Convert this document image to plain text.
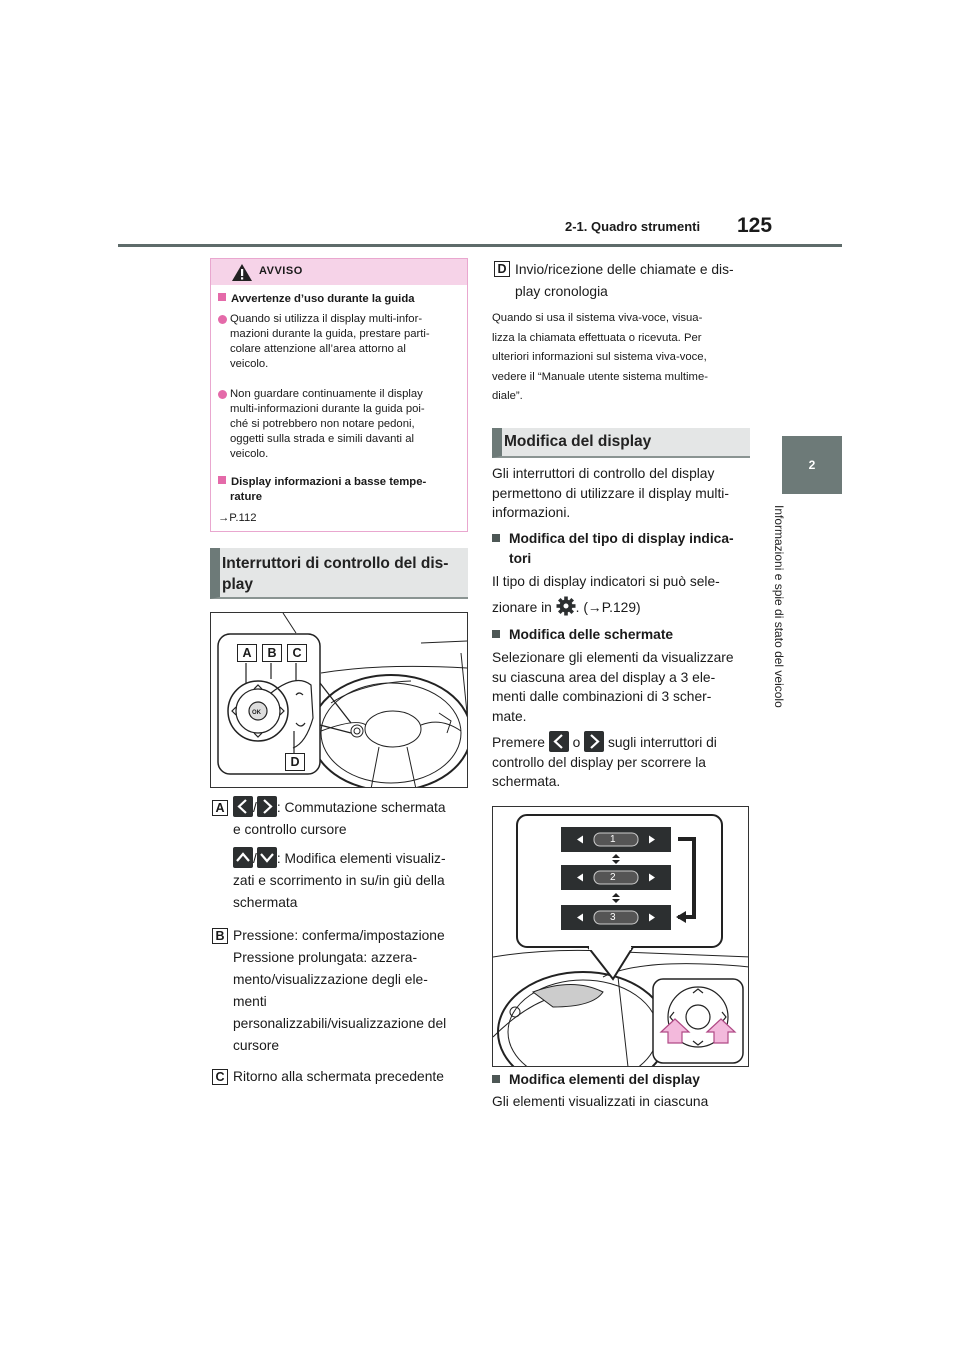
2-1. Quadro strumenti 125
2
Informazioni e spie di stato del veicolo
AVVISO
Avvertenze d’uso durante la guida
Quando si utilizza il display multi-infor-
mazioni durante la guida, prestare parti-
colare attenzione all’area attorno al
veicolo.
Non guardare continuamente il display
multi-informazioni durante la guida poi-
ché si potrebbero non notare pedoni,
oggetti sulla strada e simili davanti al
veicolo.
Display informazioni a basse tempe-
rature
→P.112
Interruttori di controllo del dis-
play
OK
A	B	C
D
A	/ : Commutazione schermata
e controllo cursore
/ : Modifica elementi visualiz-
zati e scorrimento in su/in giù della
schermata
B Pressione: conferma/impostazione
Pressione prolungata: azzera-
mento/visualizzazione degli ele-
menti
personalizzabili/visualizzazione del
cursore
C Ritorno alla schermata precedente
D Invio/ricezione delle chiamate e dis-
play cronologia
Quando si usa il sistema viva-voce, visua-
lizza la chiamata effettuata o ricevuta. Per
ulteriori informazioni sul sistema viva-voce,
vedere il “Manuale utente sistema multime-
diale”.
Modifica del display
Gli interruttori di controllo del display
permettono di utilizzare il display multi-
informazioni.
Modifica del tipo di display indica-
tori
Il tipo di display indicatori si può sele-
zionare in . (→P.129)
Modifica delle schermate
Selezionare gli elementi da visualizzare
su ciascuna area del display a 3 ele-
menti dalle combinazioni di 3 scher-
mate.
Premere o sugli interruttori di
controllo del display per scorrere la
schermata.
1
2
3
Modifica elementi del display
Gli elementi visualizzati in ciascuna
